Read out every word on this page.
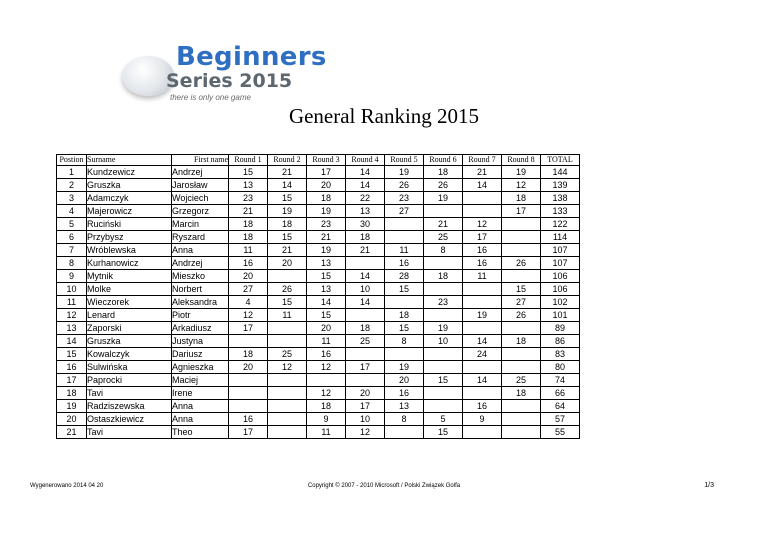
Beginners
Series 2015
there is only one game
General Ranking 2015
Postion	Surname	First name	Round 1	Round 2	Round 3	Round 4	Round 5	Round 6	Round 7	Round 8	TOTAL
1	Kundzewicz	Andrzej	15	21	17	14	19	18	21	19	144
2	Gruszka	Jarosław	13	14	20	14	26	26	14	12	139
3	Adamczyk	Wojciech	23	15	18	22	23	19		18	138
4	Majerowicz	Grzegorz	21	19	19	13	27			17	133
5	Ruciński	Marcin	18	18	23	30		21	12		122
6	Przybysz	Ryszard	18	15	21	18		25	17		114
7	Wróblewska	Anna	11	21	19	21	11	8	16		107
8	Kurhanowicz	Andrzej	16	20	13		16		16	26	107
9	Mytnik	Mieszko	20		15	14	28	18	11		106
10	Molke	Norbert	27	26	13	10	15			15	106
11	Wieczorek	Aleksandra	4	15	14	14		23		27	102
12	Lenard	Piotr	12	11	15		18		19	26	101
13	Zaporski	Arkadiusz	17		20	18	15	19			89
14	Gruszka	Justyna			11	25	8	10	14	18	86
15	Kowalczyk	Dariusz	18	25	16				24		83
16	Sulwińska	Agnieszka	20	12	12	17	19				80
17	Paprocki	Maciej					20	15	14	25	74
18	Tavi	Irene			12	20	16			18	66
19	Radziszewska	Anna			18	17	13		16		64
20	Ostaszkiewicz	Anna	16		9	10	8	5	9		57
21	Tavi	Theo	17		11	12		15			55
Wygenerowano 2014 04 20	Copyright © 2007 - 2010 Microsoft / Polski Związek Golfa	1/3
